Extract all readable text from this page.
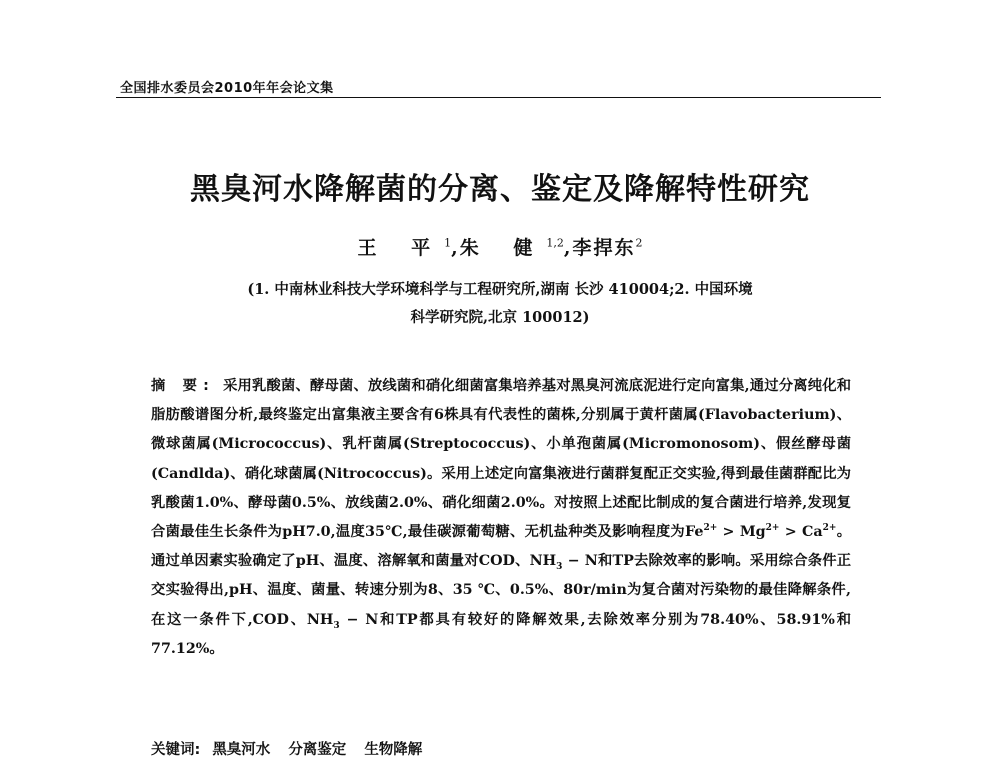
全国排水委员会2010年年会论文集
黑臭河水降解菌的分离、鉴定及降解特性研究
王 平$^1$,朱 健$^{1,2}$,李捍东$^2$
(1. 中南林业科技大学环境科学与工程研究所,湖南 长沙 410004;2. 中国环境
科学研究院,北京 100012)
摘 要: 采用乳酸菌、酵母菌、放线菌和硝化细菌富集培养基对黑臭河流底泥进行定向富集,通过分离纯化和脂肪酸谱图分析,最终鉴定出富集液主要含有6株具有代表性的菌株,分别属于黄杆菌属(Flavobacterium)、微球菌属(Micrococcus)、乳杆菌属(Streptococcus)、小单孢菌属(Micromonosom)、假丝酵母菌(Candlda)、硝化球菌属(Nitrococcus)。采用上述定向富集液进行菌群复配正交实验,得到最佳菌群配比为乳酸菌1.0%、酵母菌0.5%、放线菌2.0%、硝化细菌2.0%。对按照上述配比制成的复合菌进行培养,发现复合菌最佳生长条件为pH7.0,温度35℃,最佳碳源葡萄糖、无机盐种类及影响程度为$Fe^{2+} > Mg^{2+} > Ca^{2+}$。通过单因素实验确定了pH、温度、溶解氧和菌量对COD、$NH_3 - N$和TP去除效率的影响。采用综合条件正交实验得出,pH、温度、菌量、转速分别为8、35 ℃、0.5%、80r/min为复合菌对污染物的最佳降解条件,在这一条件下,COD、$NH_3 - N$和TP都具有较好的降解效果,去除效率分别为78.40%、58.91%和77.12%。
关键词: 黑臭河水 分离鉴定 生物降解
